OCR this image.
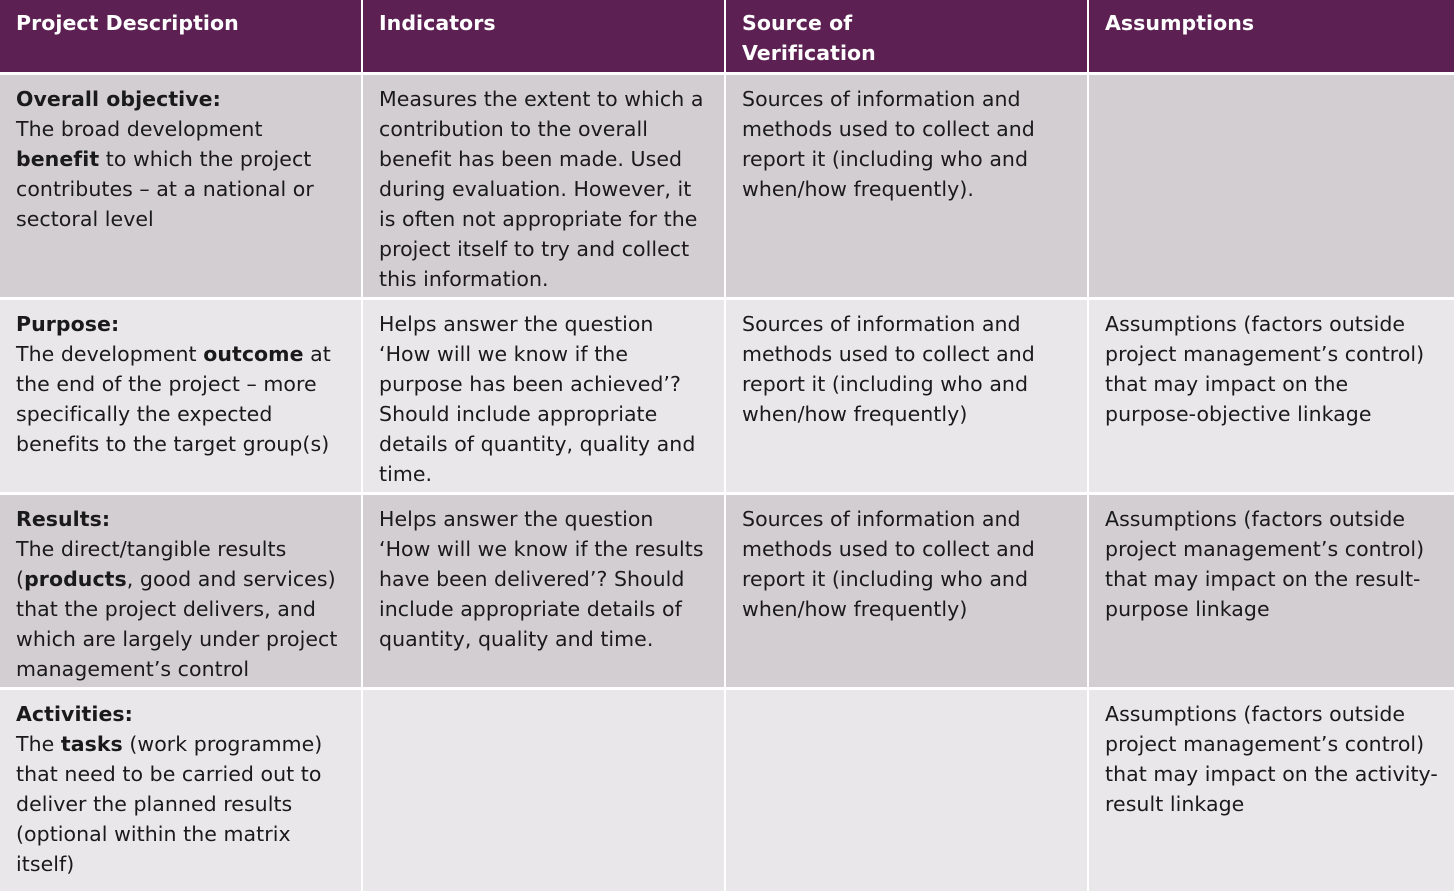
Project Description	Indicators	Source of Verification
Assumptions
Overall objective:
The broad development benefit to which the project contributes – at a national or sectoral level
Measures the extent to which a contribution to the overall benefit has been made. Used during evaluation. However, it is often not appropriate for the project itself to try and collect this information.
Sources of information and methods used to collect and report it (including who and when/how frequently).
Purpose:
The development outcome at the end of the project – more specifically the expected benefits to the target group(s)
Helps answer the question ‘How will we know if the purpose has been achieved’? Should include appropriate details of quantity, quality and time.
Sources of information and methods used to collect and report it (including who and when/how frequently)
Assumptions (factors outside project management’s control) that may impact on the purpose-objective linkage
Results:
The direct/tangible results (products, good and services) that the project delivers, and which are largely under project management’s control
Helps answer the question ‘How will we know if the results have been delivered’? Should include appropriate details of quantity, quality and time.
Sources of information and methods used to collect and report it (including who and when/how frequently)
Assumptions (factors outside project management’s control) that may impact on the result-purpose linkage
Activities:
The tasks (work programme) that need to be carried out to deliver the planned results (optional within the matrix itself)
Assumptions (factors outside project management’s control) that may impact on the activity-result linkage
